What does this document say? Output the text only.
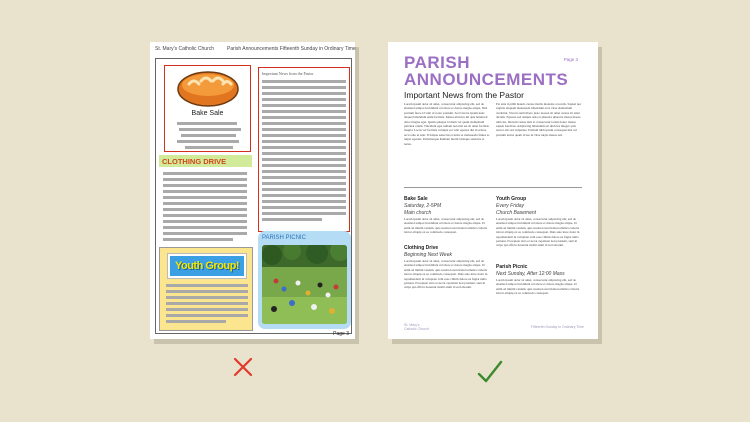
St. Mary's Catholic Church	Parish Announcements Fifteenth Sunday in Ordinary Time
Bake Sale
Important News from the Pastor
CLOTHING DRIVE
Youth Group!
PARISH PICNIC
Page 3
PARISH
ANNOUNCEMENTS
Page 3
Important News from the Pastor
Lorem ipsum dolor sit amet, consectetur adipiscing elit, sed do eiusmod tempor incididunt ut labore et dolore magna aliqua. Nisl pretium fusce id velit ut tortor pretium. Sed viverra ipsum nunc aliquet bibendum enim facilisis. Massa ultricies mi quis hendrerit dolor magna eget. Quam quisque id diam vel quam elementum pulvinar etiam. Tincidunt eget nullam non nisi est sit amet facilisis magna. Lacus vel facilisis volutpat est velit egestas dui id ornare arcu odio ut sem. Tristique senectus et netus et malesuada fames ac turpis egestas. Pellentesque habitant morbi tristique senectus et netus.
Est ante in nibh mauris cursus mattis molestie a iaculis. Sapien nec sagittis aliquam malesuada bibendum arcu vitae elementum curabitur. Viverra nam libero justo laoreet sit amet cursus sit amet dictum. Egestas sed tempus urna et pharetra pharetra massa massa ultricies. Dictum varius duis at consectetur lorem donec massa sapien faucibus. Adipiscing bibendum est ultricies integer quis auctor elit sed vulputate. Pretium nibh ipsum consequat nisl vel pretium lectus quam id leo in vitae turpis massa sed.
Bake Sale
Saturday, 2-5PM
Main church
Lorem ipsum dolor sit amet, consectetur adipiscing elit, sed do eiusmod tempor incididunt ut labore et dolore magna aliqua. Ut enim ad minim veniam, quis nostrud exercitation ullamco laboris nisi ut aliquip ex ea commodo consequat.
Clothing Drive
Beginning Next Week
Lorem ipsum dolor sit amet, consectetur adipiscing elit, sed do eiusmod tempor incididunt ut labore et dolore magna aliqua. Ut enim ad minim veniam, quis nostrud exercitation ullamco laboris nisi ut aliquip ex ea commodo consequat. Duis aute irure dolor in reprehenderit in voluptate velit esse cillum dolore eu fugiat nulla pariatur. Excepteur sint occaecat cupidatat non proident, sunt in culpa qui officia deserunt mollit anim id est laborum.
Youth Group
Every Friday
Church Basement
Lorem ipsum dolor sit amet, consectetur adipiscing elit, sed do eiusmod tempor incididunt ut labore et dolore magna aliqua. Ut enim ad minim veniam, quis nostrud exercitation ullamco laboris nisi ut aliquip ex ea commodo consequat. Duis aute irure dolor in reprehenderit in voluptate velit esse cillum dolore eu fugiat nulla pariatur. Excepteur sint occaecat cupidatat non proident, sunt in culpa qui officia deserunt mollit anim id est laborum.
Parish Picnic
Next Sunday, After 12:00 Mass
Lorem ipsum dolor sit amet, consectetur adipiscing elit, sed do eiusmod tempor incididunt ut labore et dolore magna aliqua. Ut enim ad minim veniam, quis nostrud exercitation ullamco laboris nisi ut aliquip ex ea commodo consequat.
St. Mary's
Catholic Church	Fifteenth Sunday in Ordinary Time
